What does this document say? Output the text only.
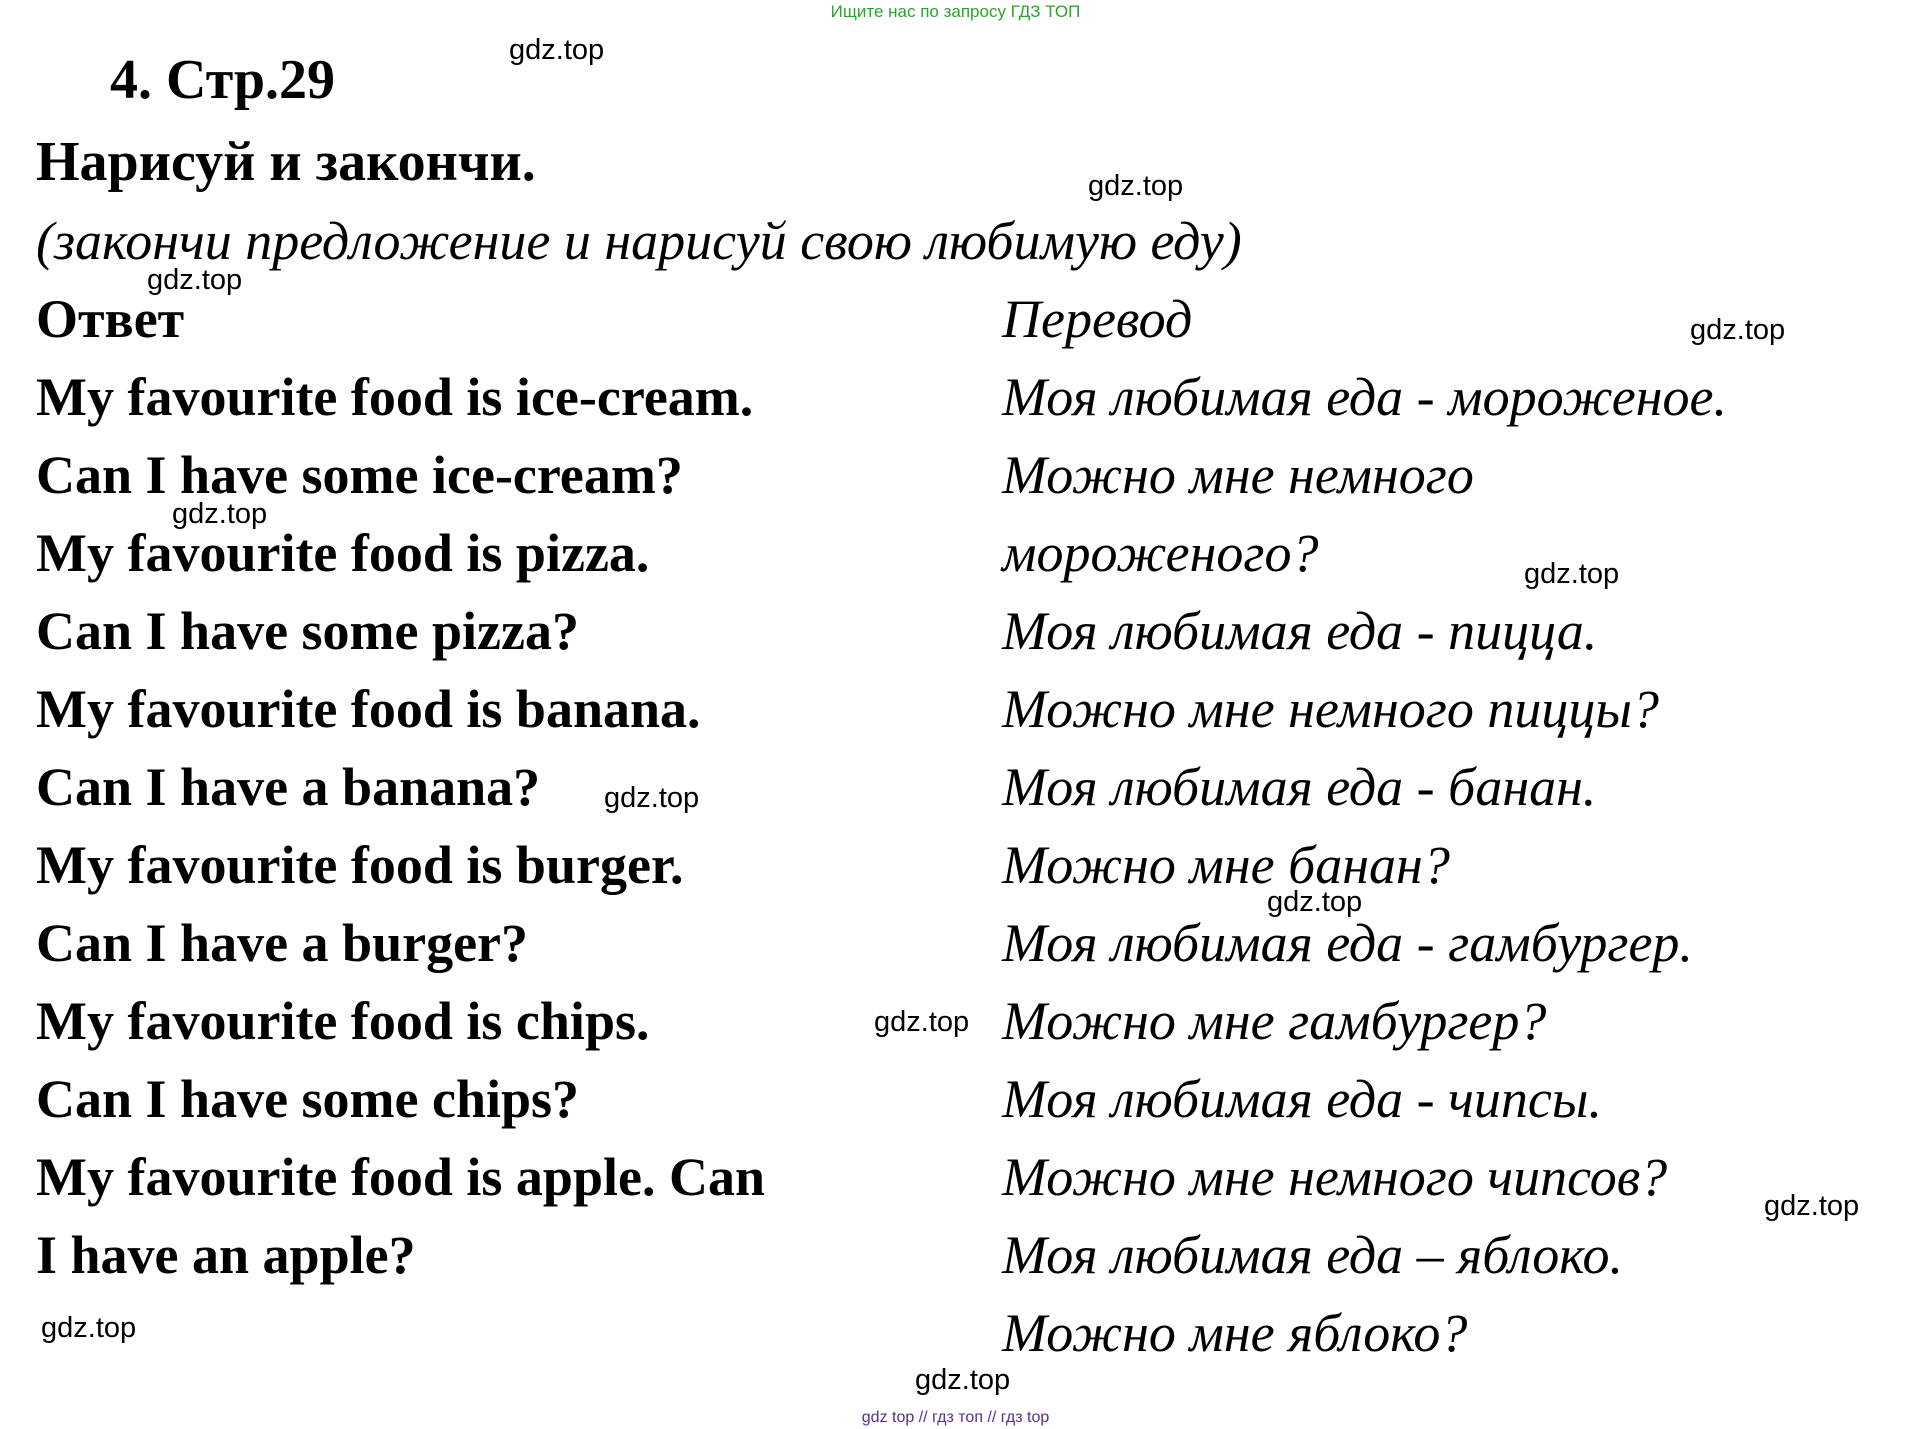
Ищите нас по запросу ГДЗ ТОП
4. Стр.29
Нарисуй и закончи.
(закончи предложение и нарисуй свою любимую еду)
Ответ	Перевод
My favourite food is ice-cream.
Can I have some ice-cream?
My favourite food is pizza.
Can I have some pizza?
My favourite food is banana.
Can I have a banana?
My favourite food is burger.
Can I have a burger?
My favourite food is chips.
Can I have some chips?
My favourite food is apple. Can
I have an apple?
Моя любимая еда - мороженое.
Можно мне немного
мороженого?
Моя любимая еда - пицца.
Можно мне немного пиццы?
Моя любимая еда - банан.
Можно мне банан?
Моя любимая еда - гамбургер.
Можно мне гамбургер?
Моя любимая еда - чипсы.
Можно мне немного чипсов?
Моя любимая еда – яблоко.
Можно мне яблоко?
gdz.top
gdz.top
gdz.top
gdz.top
gdz.top
gdz.top
gdz.top
gdz.top
gdz.top
gdz.top
gdz.top
gdz.top
gdz top // гдз топ // гдз top
